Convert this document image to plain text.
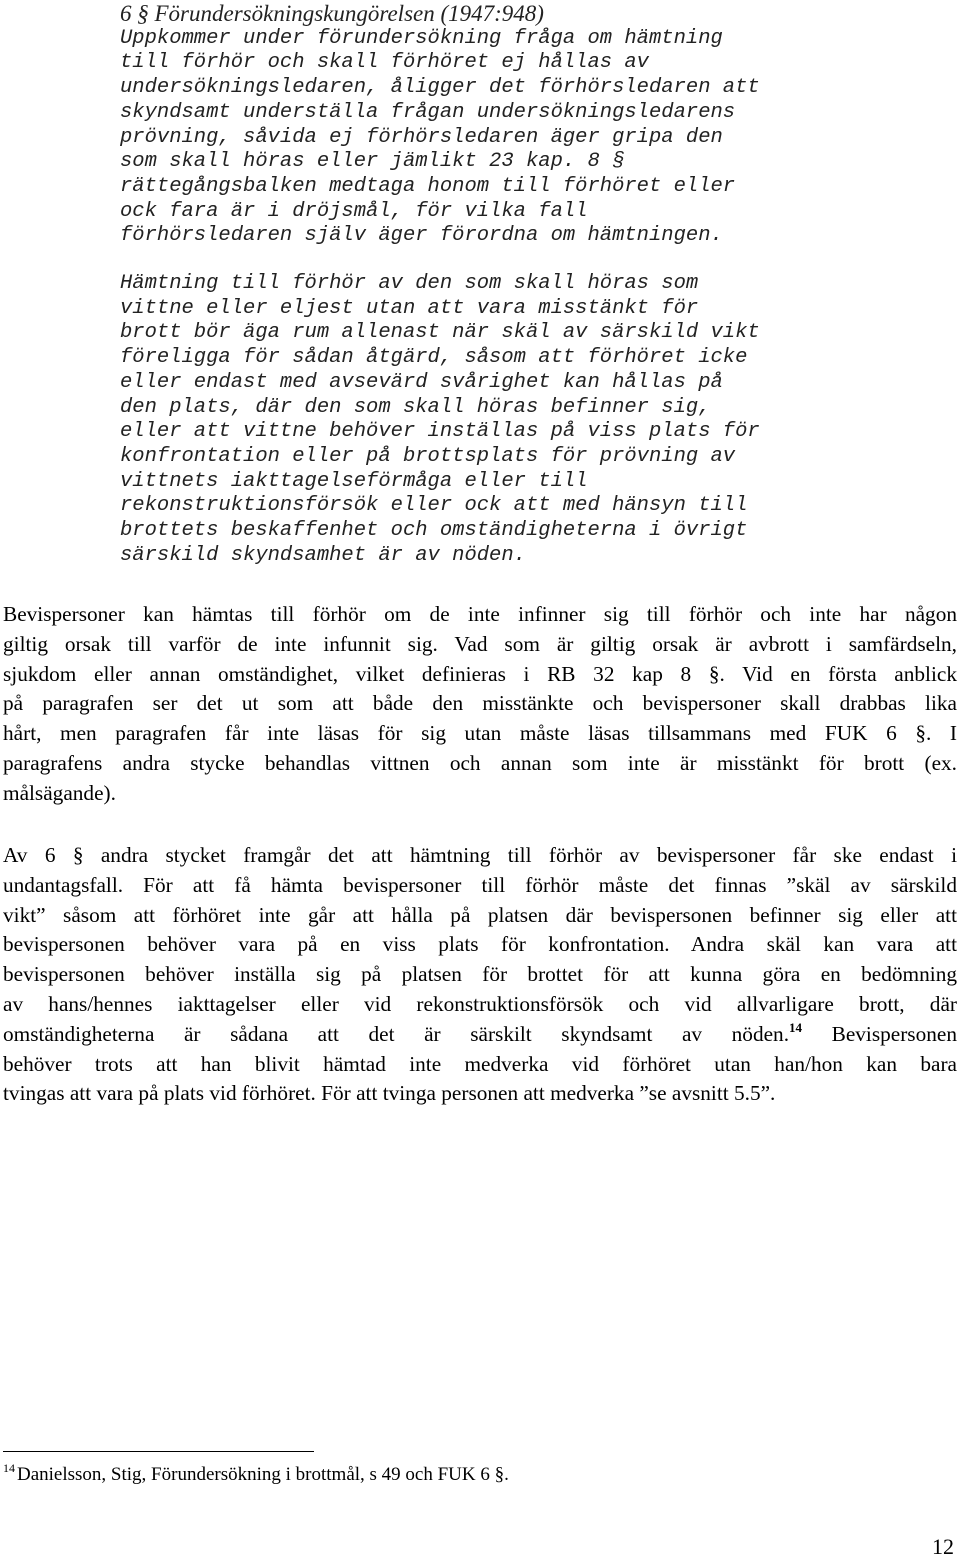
6 § Förundersökningskungörelsen (1947:948)
Uppkommer under förundersökning fråga om hämtning
till förhör och skall förhöret ej hållas av
undersökningsledaren, åligger det förhörsledaren att
skyndsamt underställa frågan undersökningsledarens
prövning, såvida ej förhörsledaren äger gripa den
som skall höras eller jämlikt 23 kap. 8 §
rättegångsbalken medtaga honom till förhöret eller
ock fara är i dröjsmål, för vilka fall
förhörsledaren själv äger förordna om hämtningen.
Hämtning till förhör av den som skall höras som
vittne eller eljest utan att vara misstänkt för
brott bör äga rum allenast när skäl av särskild vikt
föreligga för sådan åtgärd, såsom att förhöret icke
eller endast med avsevärd svårighet kan hållas på
den plats, där den som skall höras befinner sig,
eller att vittne behöver inställas på viss plats för
konfrontation eller på brottsplats för prövning av
vittnets iakttagelseförmåga eller till
rekonstruktionsförsök eller ock att med hänsyn till
brottets beskaffenhet och omständigheterna i övrigt
särskild skyndsamhet är av nöden.
Bevispersoner kan hämtas till förhör om de inte infinner sig till förhör och inte har någon
giltig orsak till varför de inte infunnit sig. Vad som är giltig orsak är avbrott i samfärdseln,
sjukdom eller annan omständighet, vilket definieras i RB 32 kap 8 §. Vid en första anblick
på paragrafen ser det ut som att både den misstänkte och bevispersoner skall drabbas lika
hårt, men paragrafen får inte läsas för sig utan måste läsas tillsammans med FUK 6 §. I
paragrafens andra stycke behandlas vittnen och annan som inte är misstänkt för brott (ex.
målsägande).
Av 6 § andra stycket framgår det att hämtning till förhör av bevispersoner får ske endast i
undantagsfall. För att få hämta bevispersoner till förhör måste det finnas ”skäl av särskild
vikt” såsom att förhöret inte går att hålla på platsen där bevispersonen befinner sig eller att
bevispersonen behöver vara på en viss plats för konfrontation. Andra skäl kan vara att
bevispersonen behöver inställa sig på platsen för brottet för att kunna göra en bedömning
av hans/hennes iakttagelser eller vid rekonstruktionsförsök och vid allvarligare brott, där
omständigheterna är sådana att det är särskilt skyndsamt av nöden.$^{14}$ Bevispersonen
behöver trots att han blivit hämtad inte medverka vid förhöret utan han/hon kan bara
tvingas att vara på plats vid förhöret. För att tvinga personen att medverka ”se avsnitt 5.5”.
$^{14}$ Danielsson, Stig, Förundersökning i brottmål, s 49 och FUK 6 §.
12
